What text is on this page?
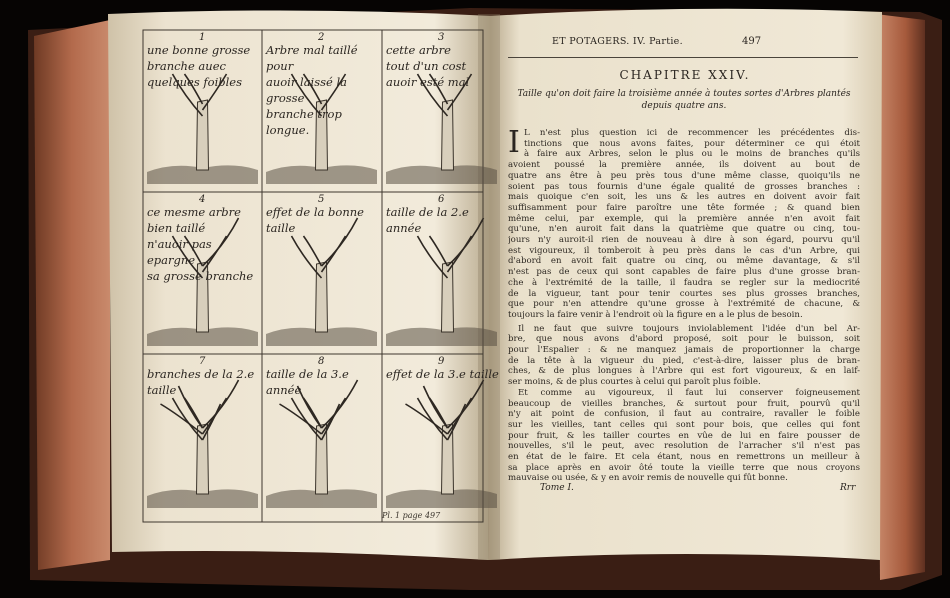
1
une bonne grosse
branche auec
quelques foibles
2
Arbre mal taillé pour
auoir laissé la grosse
branche trop longue.
3
cette arbre
tout d'un cost
auoir esté mal
4
ce mesme arbre bien taillé
n'auoir pas epargne
sa grosse branche
5
effet de la bonne
taille
6
taille de la 2.e
année
7
branches de la 2.e taille
8
taille de la 3.e année
9
effet de la 3.e taille
Pl. 1 page 497
ET POTAGERS. IV. Partie.	497
CHAPITRE XXIV.
Taille qu'on doit faire la troisième année à toutes sortes d'Arbres plantés depuis quatre ans.
I L n'est plus question ici de recommencer les précédentes dis-
tinctions que nous avons faites, pour déterminer ce qui étoit
à faire aux Arbres, selon le plus ou le moins de branches qu'ils
avoient poussé la première année, ils doivent au bout de
quatre ans être à peu près tous d'une même classe, quoiqu'ils ne
soient pas tous fournis d'une égale qualité de grosses branches :
mais quoique c'en soit, les uns & les autres en doivent avoir fait
suffisamment pour faire paroître une tête formée ; & quand bien
même celui, par exemple, qui la première année n'en avoit fait
qu'une, n'en auroit fait dans la quatrième que quatre ou cinq, tou-
jours n'y auroit-il rien de nouveau à dire à son égard, pourvu qu'il
est vigoureux, il tomberoit à peu près dans le cas d'un Arbre, qui
d'abord en avoit fait quatre ou cinq, ou même davantage, & s'il
n'est pas de ceux qui sont capables de faire plus d'une grosse bran-
che à l'extrémité de la taille, il faudra se regler sur la mediocrité
de la vigueur, tant pour tenir courtes ses plus grosses branches,
que pour n'en attendre qu'une grosse à l'extrémité de chacune, &
toujours la faire venir à l'endroit où la figure en a le plus de besoin.
Il ne faut que suivre toujours inviolablement l'idée d'un bel Ar-
bre, que nous avons d'abord proposé, soit pour le buisson, soit
pour l'Espalier : & ne manquez jamais de proportionner la charge
de la tête à la vigueur du pied, c'est-à-dire, laisser plus de bran-
ches, & de plus longues à l'Arbre qui est fort vigoureux, & en laif-
ser moins, & de plus courtes à celui qui paroît plus foible.
Et comme au vigoureux, il faut lui conserver foigneusement
beaucoup de vieilles branches, & surtout pour fruit, pourvû qu'il
n'y ait point de confusion, il faut au contraire, ravaller le foible
sur les vieilles, tant celles qui sont pour bois, que celles qui font
pour fruit, & les tailler courtes en vûe de lui en faire pousser de
nouvelles, s'il le peut, avec resolution de l'arracher s'il n'est pas
en état de le faire. Et cela étant, nous en remettrons un meilleur à
sa place après en avoir ôté toute la vieille terre que nous croyons
mauvaise ou usée, & y en avoir remis de nouvelle qui fût bonne.
Tome I.	Rrr
